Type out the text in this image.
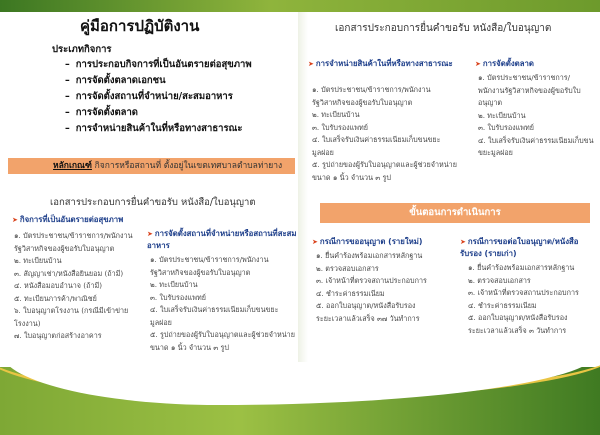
คู่มือการปฏิบัติงาน
ประเภทกิจการ
– การประกอบกิจการที่เป็นอันตรายต่อสุขภาพ
– การจัดตั้งตลาดเอกชน
– การจัดตั้งสถานที่จำหน่าย/สะสมอาหาร
– การจัดตั้งตลาด
– การจำหน่ายสินค้าในที่หรือทางสาธารณะ
หลักเกณฑ์ กิจการหรือสถานที่ ตั้งอยู่ในเขตเทศบาลตำบลท่ายาง
เอกสารประกอบการยื่นคำขอรับ หนังสือ/ใบอนุญาต
➤ กิจการที่เป็นอันตรายต่อสุขภาพ
๑. บัตรประชาชน/ข้าราชการ/พนักงานรัฐวิสาหกิจของผู้ขอรับใบอนุญาต
๒. ทะเบียนบ้าน
๓. สัญญาเช่า/หนังสือยินยอม (ถ้ามี)
๔. หนังสือมอบอำนาจ (ถ้ามี)
๕. ทะเบียนการค้า/พาณิชย์
๖. ใบอนุญาตโรงงาน (กรณีมีเข้าข่ายโรงงาน)
๗. ใบอนุญาตก่อสร้างอาคาร
➤ การจัดตั้งสถานที่จำหน่ายหรือสถานที่สะสมอาหาร
๑. บัตรประชาชน/ข้าราชการ/พนักงานรัฐวิสาหกิจของผู้ขอรับใบอนุญาต
๒. ทะเบียนบ้าน
๓. ใบรับรองแพทย์
๔. ใบเสร็จรับเงินค่าธรรมเนียมเก็บขนขยะมูลฝอย
๕. รูปถ่ายของผู้รับใบอนุญาตและผู้ช่วยจำหน่าย ขนาด ๑ นิ้ว จำนวน ๓ รูป
เอกสารประกอบการยื่นคำขอรับ หนังสือ/ใบอนุญาต
➤ การจำหน่ายสินค้าในที่หรือทางสาธารณะ
๑. บัตรประชาชน/ข้าราชการ/พนักงานรัฐวิสาหกิจของผู้ขอรับใบอนุญาต
๒. ทะเบียนบ้าน
๓. ใบรับรองแพทย์
๔. ใบเสร็จรับเงินค่าธรรมเนียมเก็บขนขยะมูลฝอย
๕. รูปถ่ายของผู้รับใบอนุญาตและผู้ช่วยจำหน่าย ขนาด ๑ นิ้ว จำนวน ๓ รูป
➤ การจัดตั้งตลาด
๑. บัตรประชาชน/ข้าราชการ/พนักงานรัฐวิสาหกิจของผู้ขอรับใบอนุญาต
๒. ทะเบียนบ้าน
๓. ใบรับรองแพทย์
๔. ใบเสร็จรับเงินค่าธรรมเนียมเก็บขนขยะมูลฝอย
ขั้นตอนการดำเนินการ
➤ กรณีการขออนุญาต (รายใหม่)
๑. ยื่นคำร้องพร้อมเอกสารหลักฐาน
๒. ตรวจสอบเอกสาร
๓. เจ้าหน้าที่ตรวจสถานประกอบการ
๔. ชำระค่าธรรมเนียม
๕. ออกใบอนุญาต/หนังสือรับรอง
ระยะเวลาแล้วเสร็จ ๓๗ วันทำการ
➤ กรณีการขอต่อใบอนุญาต/หนังสือรับรอง (รายเก่า)
๑. ยื่นคำร้องพร้อมเอกสารหลักฐาน
๒. ตรวจสอบเอกสาร
๓. เจ้าหน้าที่ตรวจสถานประกอบการ
๔. ชำระค่าธรรมเนียม
๕. ออกใบอนุญาต/หนังสือรับรอง
ระยะเวลาแล้วเสร็จ ๓ วันทำการ
